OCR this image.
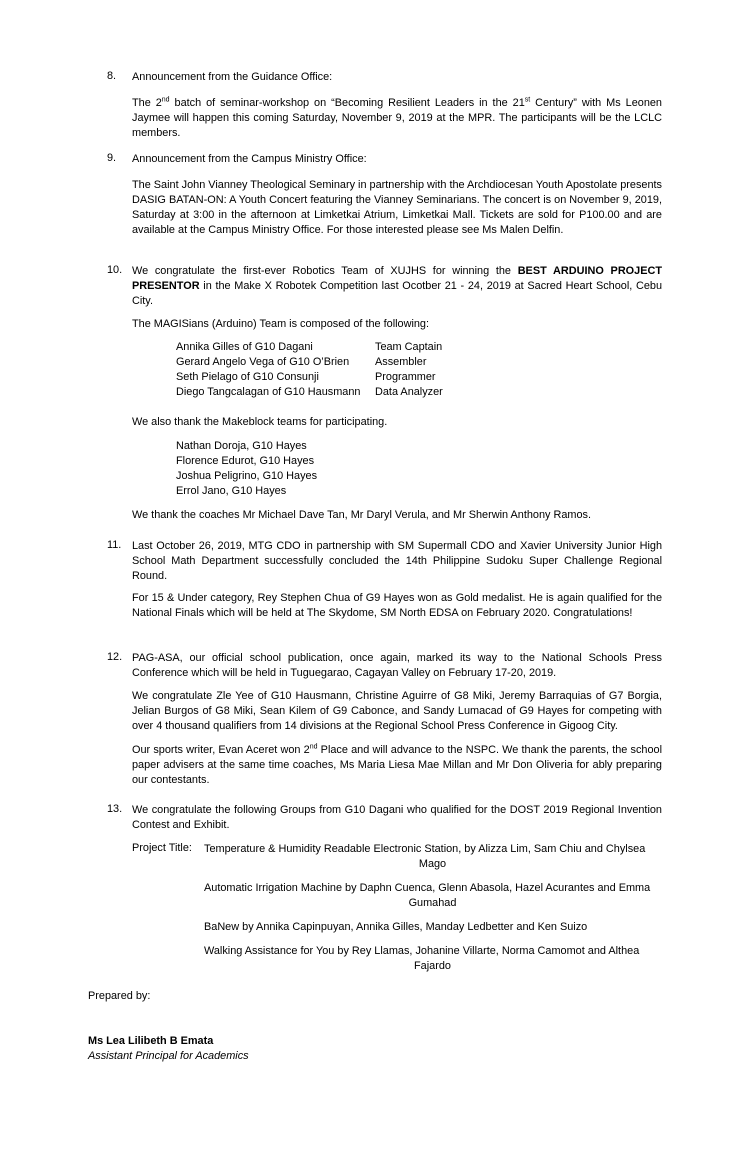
8. Announcement from the Guidance Office:
The 2nd batch of seminar-workshop on “Becoming Resilient Leaders in the 21st Century” with Ms Leonen Jaymee will happen this coming Saturday, November 9, 2019 at the MPR. The participants will be the LCLC members.
9. Announcement from the Campus Ministry Office:
The Saint John Vianney Theological Seminary in partnership with the Archdiocesan Youth Apostolate presents DASIG BATAN-ON: A Youth Concert featuring the Vianney Seminarians. The concert is on November 9, 2019, Saturday at 3:00 in the afternoon at Limketkai Atrium, Limketkai Mall. Tickets are sold for P100.00 and are available at the Campus Ministry Office. For those interested please see Ms Malen Delfin.
10. We congratulate the first-ever Robotics Team of XUJHS for winning the BEST ARDUINO PROJECT PRESENTOR in the Make X Robotek Competition last Ocotber 21 - 24, 2019 at Sacred Heart School, Cebu City.
The MAGISians (Arduino) Team is composed of the following:
Annika Gilles of G10 Dagani	Team Captain
Gerard Angelo Vega of G10 O’Brien Assembler
Seth Pielago of G10 Consunji	Programmer
Diego Tangcalagan of G10 Hausmann Data Analyzer
We also thank the Makeblock teams for participating.
Nathan Doroja, G10 Hayes
Florence Edurot, G10 Hayes
Joshua Peligrino, G10 Hayes
Errol Jano, G10 Hayes
We thank the coaches Mr Michael Dave Tan, Mr Daryl Verula, and Mr Sherwin Anthony Ramos.
11. Last October 26, 2019, MTG CDO in partnership with SM Supermall CDO and Xavier University Junior High School Math Department successfully concluded the 14th Philippine Sudoku Super Challenge Regional Round.
For 15 & Under category, Rey Stephen Chua of G9 Hayes won as Gold medalist. He is again qualified for the National Finals which will be held at The Skydome, SM North EDSA on February 2020. Congratulations!
12. PAG-ASA, our official school publication, once again, marked its way to the National Schools Press Conference which will be held in Tuguegarao, Cagayan Valley on February 17-20, 2019.
We congratulate Zle Yee of G10 Hausmann, Christine Aguirre of G8 Miki, Jeremy Barraquias of G7 Borgia, Jelian Burgos of G8 Miki, Sean Kilem of G9 Cabonce, and Sandy Lumacad of G9 Hayes for competing with over 4 thousand qualifiers from 14 divisions at the Regional School Press Conference in Gigoog City.
Our sports writer, Evan Aceret won 2nd Place and will advance to the NSPC. We thank the parents, the school paper advisers at the same time coaches, Ms Maria Liesa Mae Millan and Mr Don Oliveria for ably preparing our contestants.
13. We congratulate the following Groups from G10 Dagani who qualified for the DOST 2019 Regional Invention Contest and Exhibit.
Project Title: Temperature & Humidity Readable Electronic Station, by Alizza Lim, Sam Chiu and Chylsea
Mago
Automatic Irrigation Machine by Daphn Cuenca, Glenn Abasola, Hazel Acurantes and Emma
Gumahad
BaNew by Annika Capinpuyan, Annika Gilles, Manday Ledbetter and Ken Suizo
Walking Assistance for You by Rey Llamas, Johanine Villarte, Norma Camomot and Althea
Fajardo
Prepared by:
Ms Lea Lilibeth B Emata
Assistant Principal for Academics
